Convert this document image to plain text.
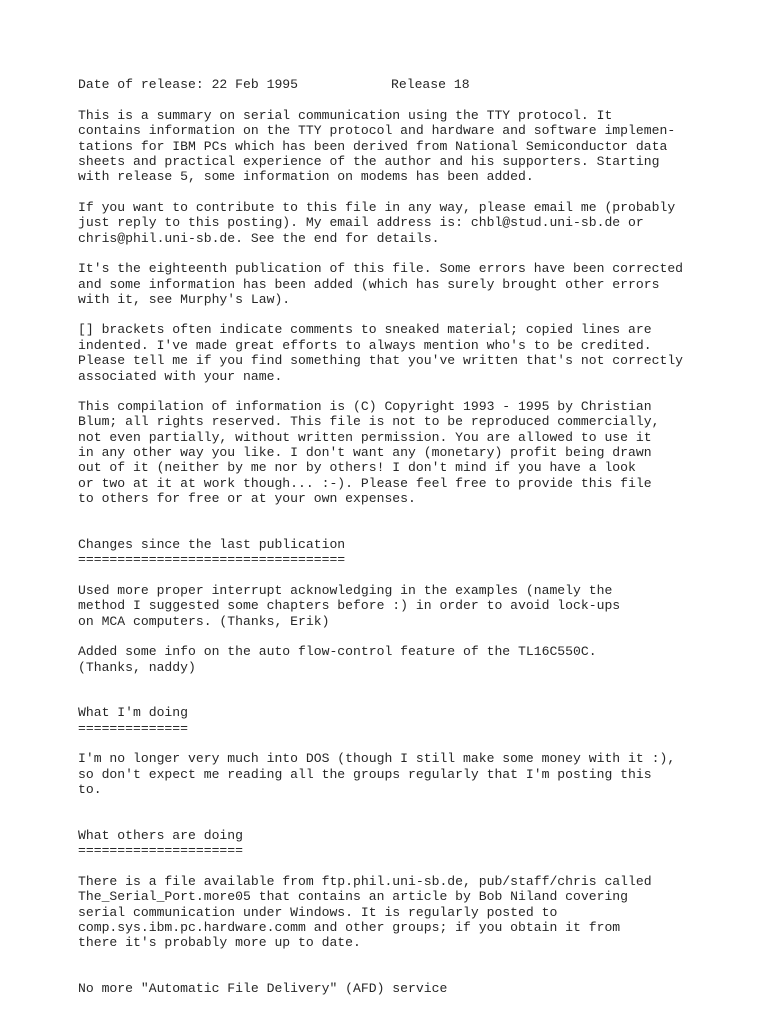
Date of release: 22 Feb 1995

	Release 18

This is a summary on serial communication using the TTY protocol. It

contains information on the TTY protocol and hardware and software implemen-

tations for IBM PCs which has been derived from National Semiconductor data

sheets and practical experience of the author and his supporters. Starting

with release 5, some information on modems has been added.

If you want to contribute to this file in any way, please email me (probably

just reply to this posting). My email address is: chbl@stud.uni-sb.de or

chris@phil.uni-sb.de. See the end for details.

It's the eighteenth publication of this file. Some errors have been corrected

and some information has been added (which has surely brought other errors

with it, see Murphy's Law).

[] brackets often indicate comments to sneaked material; copied lines are

indented. I've made great efforts to always mention who's to be credited.

Please tell me if you find something that you've written that's not correctly

associated with your name.

This compilation of information is (C) Copyright 1993 - 1995 by Christian

Blum; all rights reserved. This file is not to be reproduced commercially,

not even partially, without written permission. You are allowed to use it

in any other way you like. I don't want any (monetary) profit being drawn

out of it (neither by me nor by others! I don't mind if you have a look

or two at it at work though... :-). Please feel free to provide this file

to others for free or at your own expenses.

Changes since the last publication

==================================

Used more proper interrupt acknowledging in the examples (namely the

method I suggested some chapters before :) in order to avoid lock-ups

on MCA computers. (Thanks, Erik)

Added some info on the auto flow-control feature of the TL16C550C.

(Thanks, naddy)

What I'm doing

==============

I'm no longer very much into DOS (though I still make some money with it :),

so don't expect me reading all the groups regularly that I'm posting this

to.

What others are doing

=====================

There is a file available from ftp.phil.uni-sb.de, pub/staff/chris called

The_Serial_Port.more05 that contains an article by Bob Niland covering

serial communication under Windows. It is regularly posted to

comp.sys.ibm.pc.hardware.comm and other groups; if you obtain it from

there it's probably more up to date.

No more "Automatic File Delivery" (AFD) service
